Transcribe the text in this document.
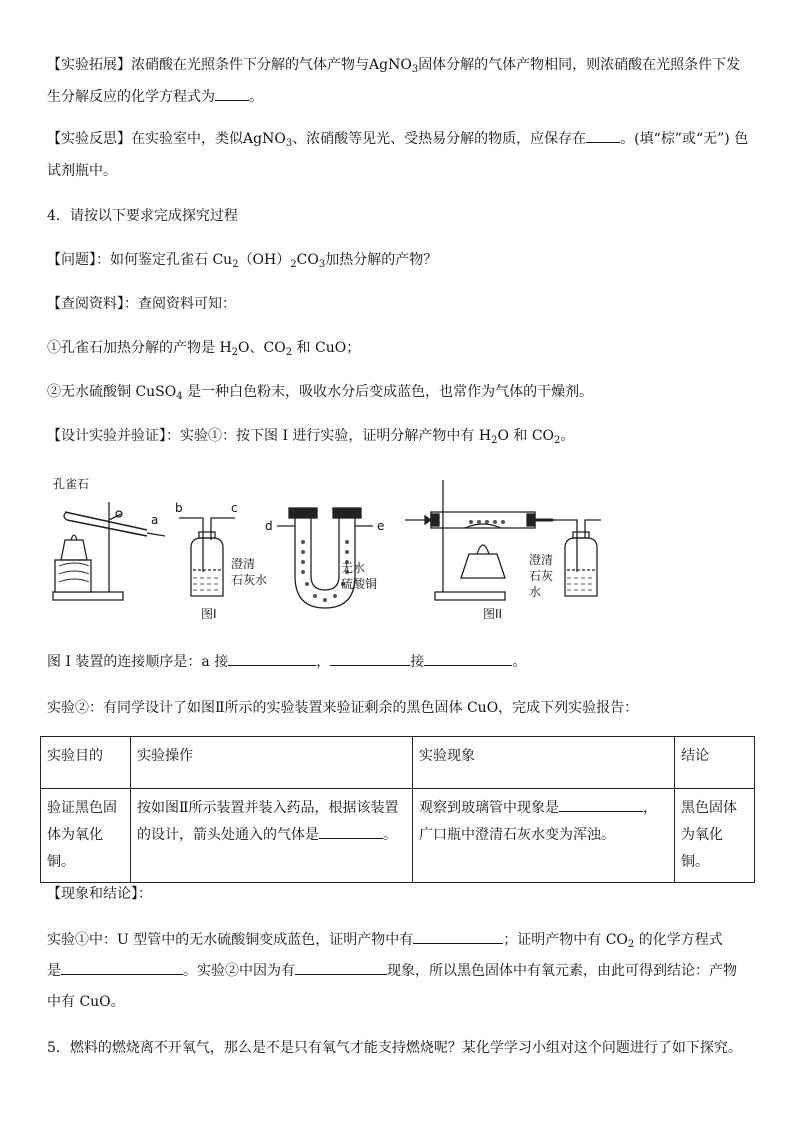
【实验拓展】浓硝酸在光照条件下分解的气体产物与AgNO$_3$固体分解的气体产物相同，则浓硝酸在光照条件下发
生分解反应的化学方程式为 。
【实验反思】在实验室中，类似AgNO$_3$、浓硝酸等见光、受热易分解的物质，应保存在 。(填“棕”或“无”) 色
试剂瓶中。
4．请按以下要求完成探究过程
【问题】：如何鉴定孔雀石 $Cu_2(OH)_2CO_3$加热分解的产物？
【查阅资料】：查阅资料可知：
①孔雀石加热分解的产物是 $H_2O$、$CO_2$ 和 CuO；
②无水硫酸铜 CuSO$_4$ 是一种白色粉末，吸收水分后变成蓝色，也常作为气体的干燥剂。
【设计实验并验证】：实验①：按下图 I 进行实验，证明分解产物中有 $H_2O$ 和 $CO_2$。
孔雀石
a
b	c
d	e
澄清
石灰水
无水
硫酸铜
图I	图II
澄清
石灰
水
图 I 装置的连接顺序是：a 接	，	接	。
实验②：有同学设计了如图Ⅱ所示的实验装置来验证剩余的黑色固体 CuO，完成下列实验报告：
实验目的	实验操作	实验现象	结论
验证黑色固体为氧化铜。	按如图Ⅱ所示装置并装入药品，根据该装置的设计，箭头处通入的气体是 。	观察到玻璃管中现象是 ，广口瓶中澄清石灰水变为浑浊。	黑色固体为氧化铜。
【现象和结论】：
实验①中：U 型管中的无水硫酸铜变成蓝色，证明产物中有	；证明产物中有 $CO_2$ 的化学方程式
是	。实验②中因为有	现象，所以黑色固体中有氧元素，由此可得到结论：产物
中有 CuO。
5．燃料的燃烧离不开氧气，那么是不是只有氧气才能支持燃烧呢？某化学学习小组对这个问题进行了如下探究。
